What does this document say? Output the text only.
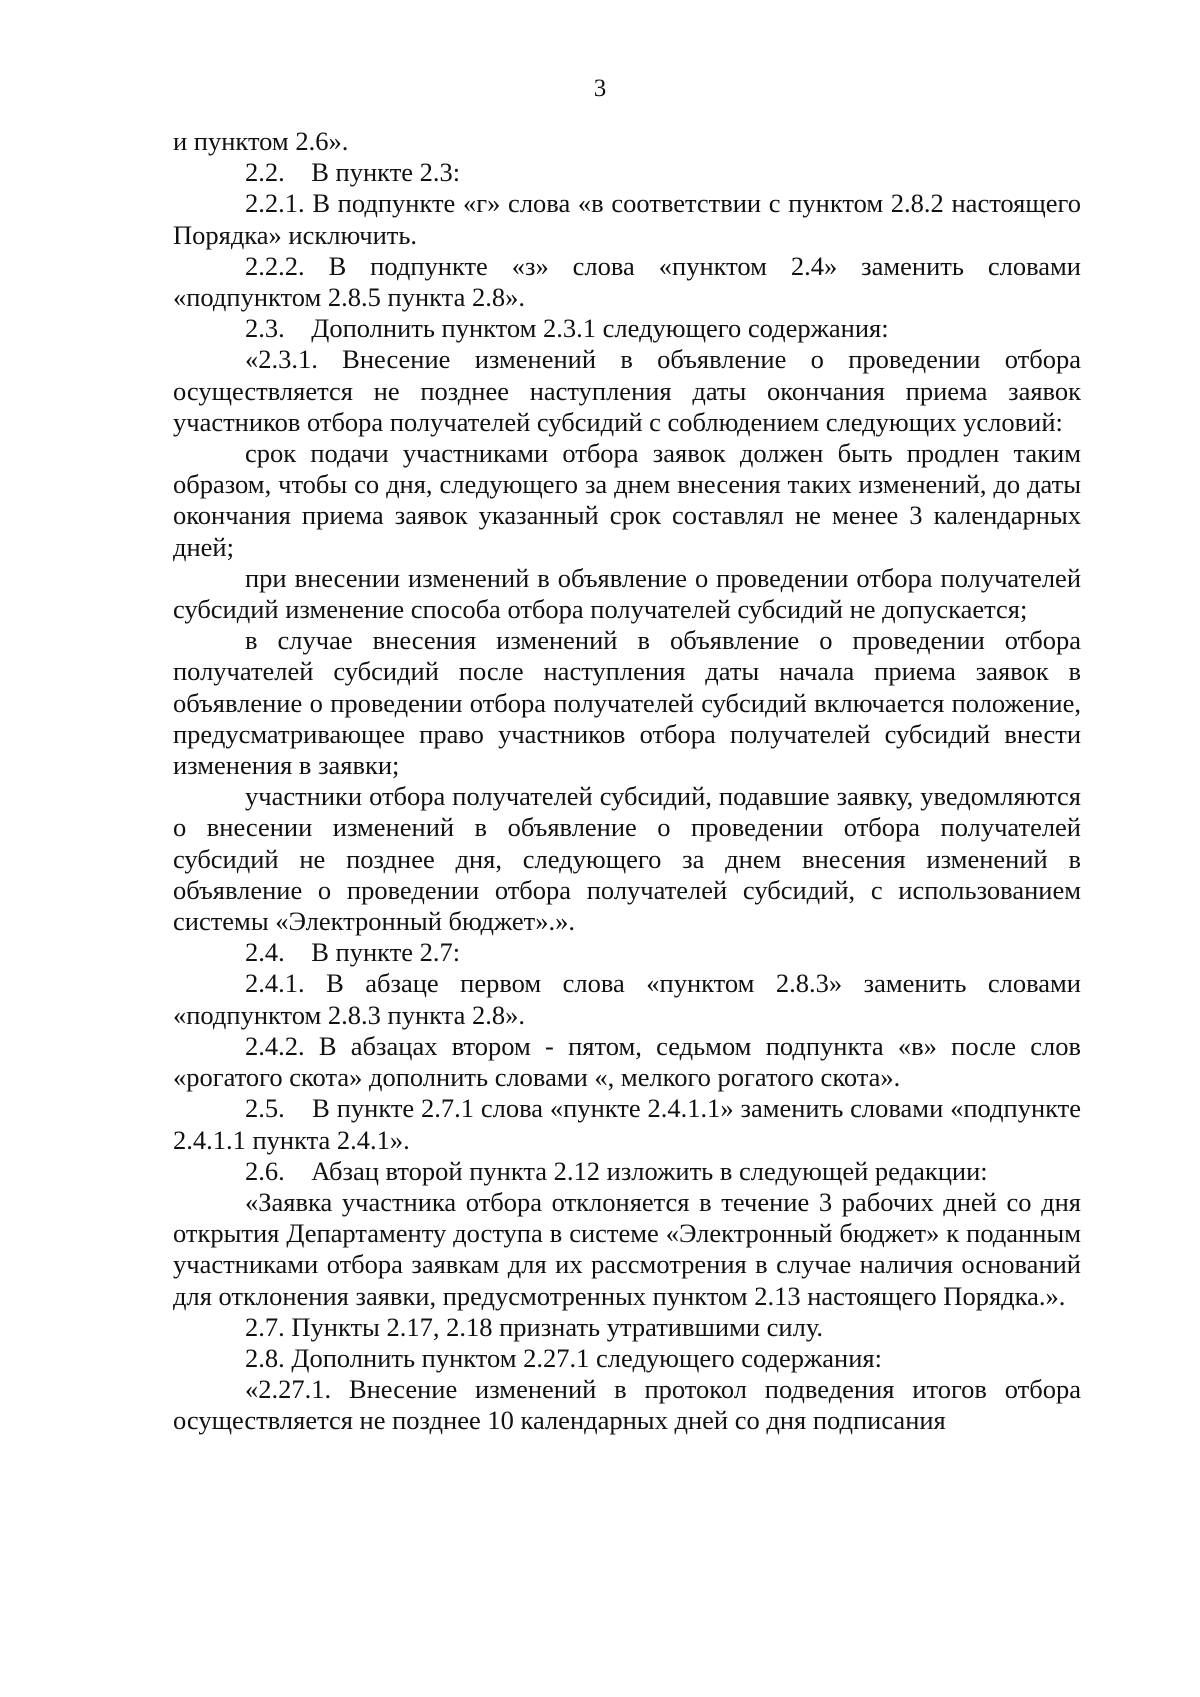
3

и пунктом 2.6».

2.2.    В пункте 2.3:

2.2.1. В подпункте «г» слова «в соответствии с пунктом 2.8.2 настоящего Порядка» исключить.

2.2.2. В подпункте «з» слова «пунктом 2.4» заменить словами «подпунктом 2.8.5 пункта 2.8».

2.3.    Дополнить пунктом 2.3.1 следующего содержания:

«2.3.1. Внесение изменений в объявление о проведении отбора осуществляется не позднее наступления даты окончания приема заявок участников отбора получателей субсидий с соблюдением следующих условий:

срок подачи участниками отбора заявок должен быть продлен таким образом, чтобы со дня, следующего за днем внесения таких изменений, до даты окончания приема заявок указанный срок составлял не менее 3 календарных дней;

при внесении изменений в объявление о проведении отбора получателей субсидий изменение способа отбора получателей субсидий не допускается;

в случае внесения изменений в объявление о проведении отбора получателей субсидий после наступления даты начала приема заявок в объявление о проведении отбора получателей субсидий включается положение, предусматривающее право участников отбора получателей субсидий внести изменения в заявки;

участники отбора получателей субсидий, подавшие заявку, уведомляются о внесении изменений в объявление о проведении отбора получателей субсидий не позднее дня, следующего за днем внесения изменений в объявление о проведении отбора получателей субсидий, с использованием системы «Электронный бюджет».».

2.4.    В пункте 2.7:

2.4.1. В абзаце первом слова «пунктом 2.8.3» заменить словами «подпунктом 2.8.3 пункта 2.8».

2.4.2. В абзацах втором - пятом, седьмом подпункта «в» после слов «рогатого скота» дополнить словами «, мелкого рогатого скота».

2.5.    В пункте 2.7.1 слова «пункте 2.4.1.1» заменить словами «подпункте 2.4.1.1 пункта 2.4.1».

2.6.    Абзац второй пункта 2.12 изложить в следующей редакции:

«Заявка участника отбора отклоняется в течение 3 рабочих дней со дня открытия Департаменту доступа в системе «Электронный бюджет» к поданным участниками отбора заявкам для их рассмотрения в случае наличия оснований для отклонения заявки, предусмотренных пунктом 2.13 настоящего Порядка.».

2.7. Пункты 2.17, 2.18 признать утратившими силу.

2.8. Дополнить пунктом 2.27.1 следующего содержания:

«2.27.1. Внесение изменений в протокол подведения итогов отбора осуществляется не позднее 10 календарных дней со дня подписания
